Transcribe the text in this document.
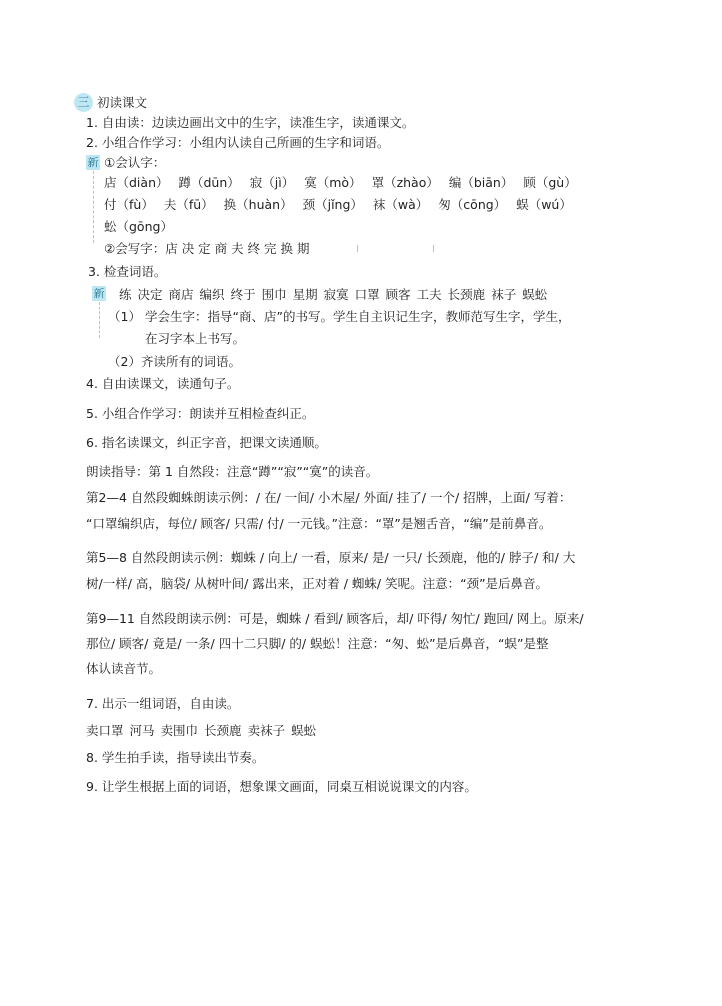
三 初读课文
1. 自由读：边读边画出文中的生字，读准生字，读通课文。
2. 小组合作学习：小组内认读自己所画的生字和词语。
新 ①会认字：
店（diàn） 蹲（dūn） 寂（jì） 寞（mò） 罩（zhào） 编（biān） 顾（gù）
付（fù） 夫（fū） 换（huàn） 颈（jǐng） 袜（wà） 匆（cōng） 蜈（wú）
蚣（gōng）
②会写字：店 决 定 商 夫 终 完 换 期
3. 检查词语。
新 练 决定 商店 编织 终于 围巾 星期 寂寞 口罩 顾客 工夫 长颈鹿 袜子 蜈蚣
（1） 学会生字：指导“商、店”的书写。学生自主识记生字，教师范写生字，学生，
在习字本上书写。
（2）齐读所有的词语。
4. 自由读课文，读通句子。
5. 小组合作学习：朗读并互相检查纠正。
6. 指名读课文，纠正字音，把课文读通顺。
朗读指导：第 1 自然段：注意“蹲”“寂”“寞”的读音。
第2—4 自然段蜘蛛朗读示例：/ 在/ 一间/ 小木屋/ 外面/ 挂了/ 一个/ 招牌，上面/ 写着：
“口罩编织店，每位/ 顾客/ 只需/ 付/ 一元钱。”注意：“罩”是翘舌音，“编”是前鼻音。
第5—8 自然段朗读示例：蜘蛛 / 向上/ 一看，原来/ 是/ 一只/ 长颈鹿，他的/ 脖子/ 和/ 大
树/一样/ 高，脑袋/ 从树叶间/ 露出来，正对着 / 蜘蛛/ 笑呢。注意：“颈”是后鼻音。
第9—11 自然段朗读示例：可是，蜘蛛 / 看到/ 顾客后，却/ 吓得/ 匆忙/ 跑回/ 网上。原来/
那位/ 顾客/ 竟是/ 一条/ 四十二只脚/ 的/ 蜈蚣！注意：“匆、蚣”是后鼻音，“蜈”是整
体认读音节。
7. 出示一组词语，自由读。
卖口罩 河马 卖围巾 长颈鹿 卖袜子 蜈蚣
8. 学生拍手读，指导读出节奏。
9. 让学生根据上面的词语，想象课文画面，同桌互相说说课文的内容。
